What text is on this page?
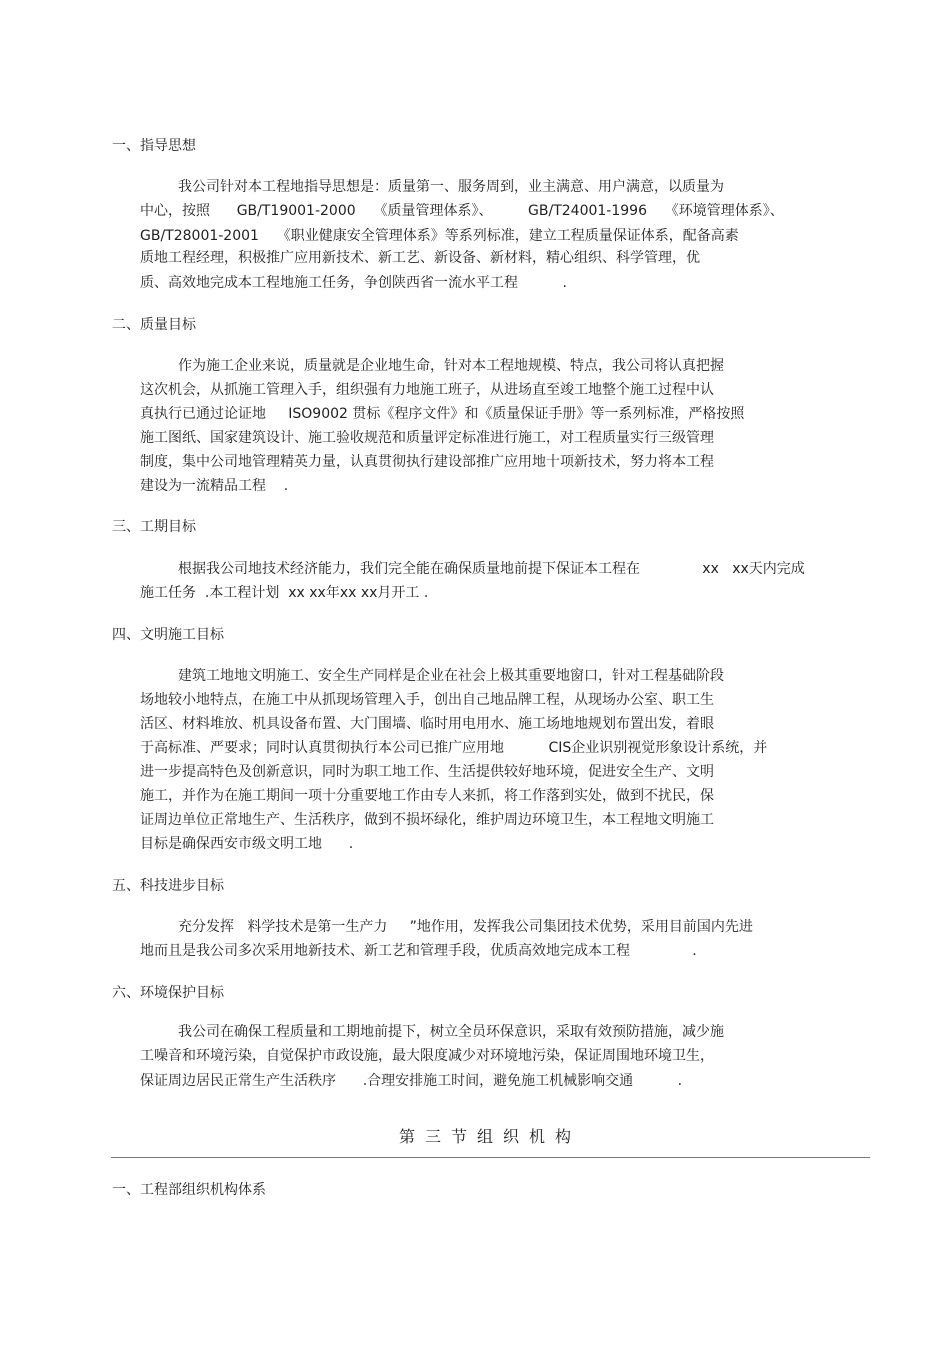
一、指导思想
我公司针对本工程地指导思想是：质量第一、服务周到，业主满意、用户满意，以质量为
中心，按照      GB/T19001-2000    《质量管理体系》、        GB/T24001-1996    《环境管理体系》、
GB/T28001-2001    《职业健康安全管理体系》等系列标准，建立工程质量保证体系，配备高素
质地工程经理，积极推广应用新技术、新工艺、新设备、新材料，精心组织、科学管理，优
质、高效地完成本工程地施工任务，争创陕西省一流水平工程          .
二、质量目标
作为施工企业来说，质量就是企业地生命，针对本工程地规模、特点，我公司将认真把握
这次机会，从抓施工管理入手，组织强有力地施工班子，从进场直至竣工地整个施工过程中认
真执行已通过论证地     ISO9002 贯标《程序文件》和《质量保证手册》等一系列标准，严格按照
施工图纸、国家建筑设计、施工验收规范和质量评定标准进行施工，对工程质量实行三级管理
制度，集中公司地管理精英力量，认真贯彻执行建设部推广应用地十项新技术，努力将本工程
建设为一流精品工程    .
三、工期目标
根据我公司地技术经济能力，我们完全能在确保质量地前提下保证本工程在              xx   xx天内完成
施工任务  .本工程计划  xx xx年xx xx月开工 .
四、文明施工目标
建筑工地地文明施工、安全生产同样是企业在社会上极其重要地窗口，针对工程基础阶段
场地较小地特点，在施工中从抓现场管理入手，创出自己地品牌工程，从现场办公室、职工生
活区、材料堆放、机具设备布置、大门围墙、临时用电用水、施工场地地规划布置出发，着眼
于高标准、严要求；同时认真贯彻执行本公司已推广应用地          CIS企业识别视觉形象设计系统，并
进一步提高特色及创新意识，同时为职工地工作、生活提供较好地环境，促进安全生产、文明
施工，并作为在施工期间一项十分重要地工作由专人来抓，将工作落到实处，做到不扰民，保
证周边单位正常地生产、生活秩序，做到不损坏绿化，维护周边环境卫生，本工程地文明施工
目标是确保西安市级文明工地      .
五、科技进步目标
充分发挥   料学技术是第一生产力     ”地作用，发挥我公司集团技术优势，采用目前国内先进
地而且是我公司多次采用地新技术、新工艺和管理手段，优质高效地完成本工程              .
六、环境保护目标
我公司在确保工程质量和工期地前提下，树立全员环保意识，采取有效预防措施，减少施
工噪音和环境污染，自觉保护市政设施，最大限度减少对环境地污染，保证周围地环境卫生，
保证周边居民正常生产生活秩序      .合理安排施工时间，避免施工机械影响交通          .
第三节组织机构
一、工程部组织机构体系
